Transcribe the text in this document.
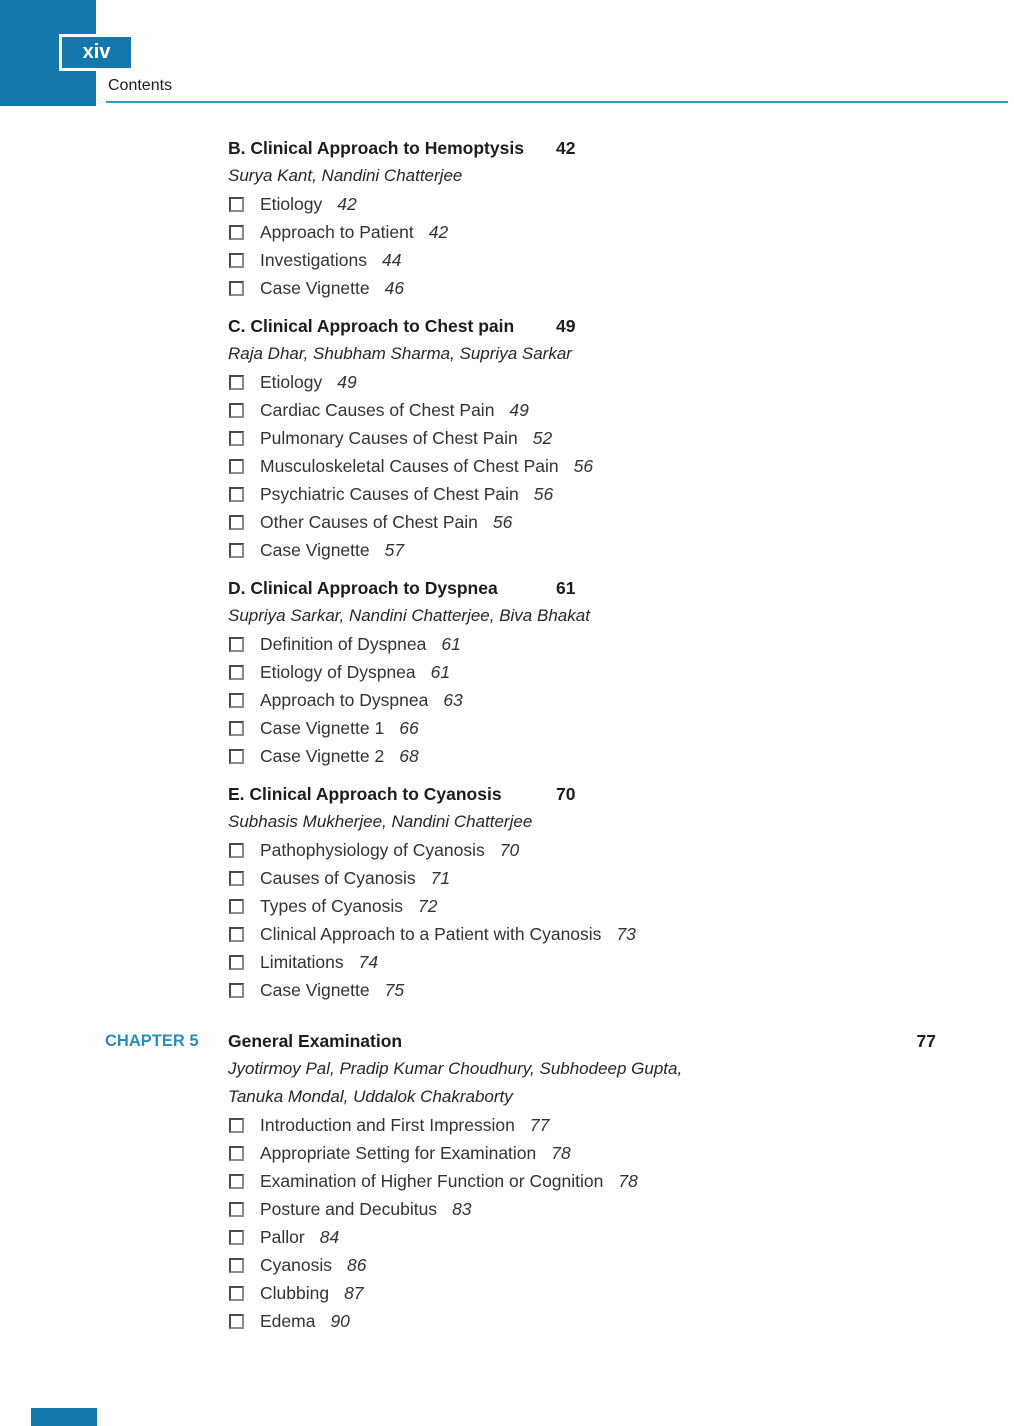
xiv
Contents
B. Clinical Approach to Hemoptysis 42
Surya Kant, Nandini Chatterjee
Etiology 42
Approach to Patient 42
Investigations 44
Case Vignette 46
C. Clinical Approach to Chest pain 49
Raja Dhar, Shubham Sharma, Supriya Sarkar
Etiology 49
Cardiac Causes of Chest Pain 49
Pulmonary Causes of Chest Pain 52
Musculoskeletal Causes of Chest Pain 56
Psychiatric Causes of Chest Pain 56
Other Causes of Chest Pain 56
Case Vignette 57
D. Clinical Approach to Dyspnea	61
Supriya Sarkar, Nandini Chatterjee, Biva Bhakat
Definition of Dyspnea 61
Etiology of Dyspnea 61
Approach to Dyspnea 63
Case Vignette 1 66
Case Vignette 2 68
E. Clinical Approach to Cyanosis	70
Subhasis Mukherjee, Nandini Chatterjee
Pathophysiology of Cyanosis 70
Causes of Cyanosis 71
Types of Cyanosis 72
Clinical Approach to a Patient with Cyanosis 73
Limitations 74
Case Vignette 75
CHAPTER 5 General Examination	77
Jyotirmoy Pal, Pradip Kumar Choudhury, Subhodeep Gupta,
Tanuka Mondal, Uddalok Chakraborty
Introduction and First Impression 77
Appropriate Setting for Examination 78
Examination of Higher Function or Cognition 78
Posture and Decubitus 83
Pallor 84
Cyanosis 86
Clubbing 87
Edema 90
